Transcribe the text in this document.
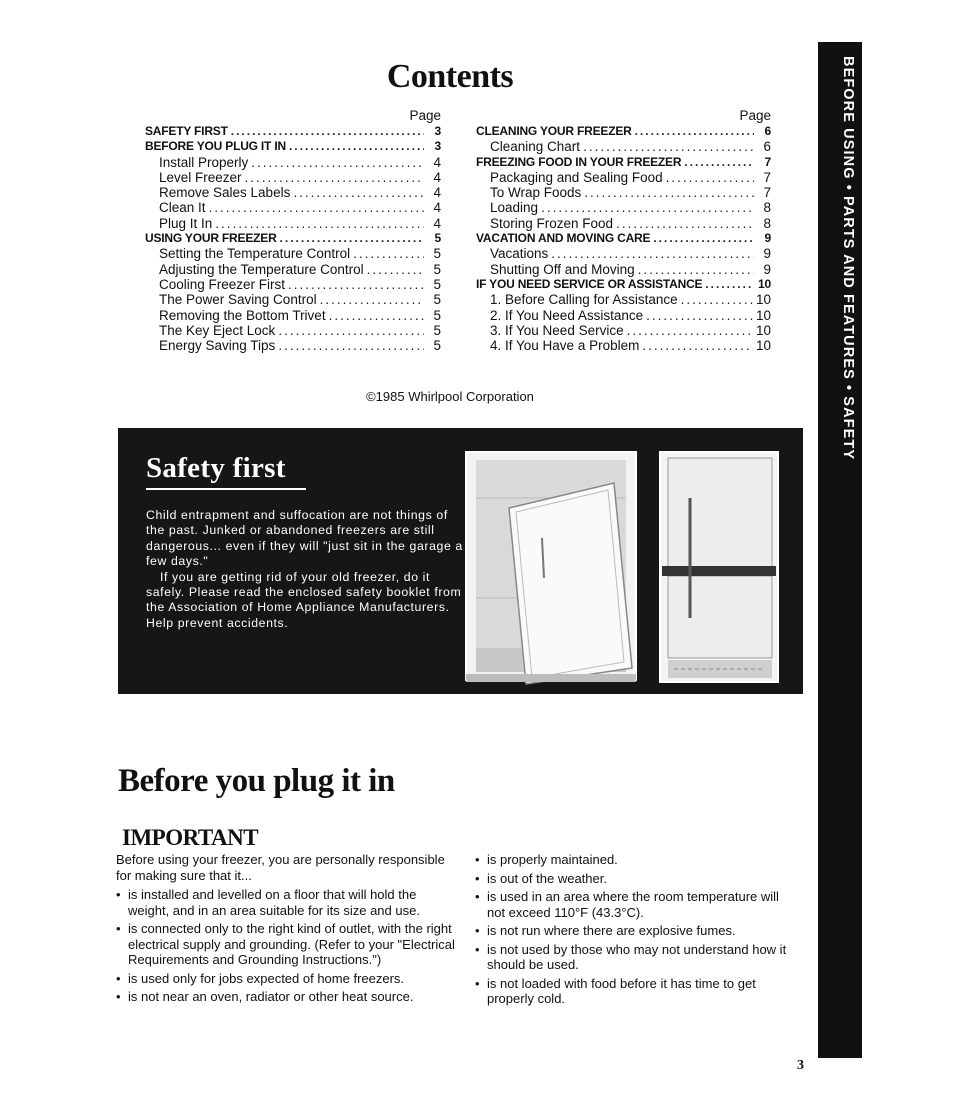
Contents
Page
SAFETY FIRST .....	3
BEFORE YOU PLUG IT IN .....	3
Install Properly .....	4
Level Freezer .....	4
Remove Sales Labels .....	4
Clean It .....	4
Plug It In .....	4
USING YOUR FREEZER .....	5
Setting the Temperature Control .....	5
Adjusting the Temperature Control .....	5
Cooling Freezer First .....	5
The Power Saving Control .....	5
Removing the Bottom Trivet .....	5
The Key Eject Lock .....	5
Energy Saving Tips .....	5
Page
CLEANING YOUR FREEZER .....	6
Cleaning Chart .....	6
FREEZING FOOD IN YOUR FREEZER .....	7
Packaging and Sealing Food .....	7
To Wrap Foods .....	7
Loading .....	8
Storing Frozen Food .....	8
VACATION AND MOVING CARE .....	9
Vacations .....	9
Shutting Off and Moving .....	9
IF YOU NEED SERVICE OR ASSISTANCE .....	10
1. Before Calling for Assistance .....	10
2. If You Need Assistance .....	10
3. If You Need Service .....	10
4. If You Have a Problem .....	10
©1985 Whirlpool Corporation	BEFORE USING • PARTS AND FEATURES • SAFETY
Safety first

Child entrapment and suffocation are not things of the past. Junked or abandoned freezers are still dangerous... even if they will "just sit in the garage a few days."

If you are getting rid of your old freezer, do it safely. Please read the enclosed safety booklet from the Association of Home Appliance Manufacturers. Help prevent accidents.

Before you plug it in
IMPORTANT

Before using your freezer, you are personally responsible for making sure that it...

• is installed and levelled on a floor that will hold the weight, and in an area suitable for its size and use.
• is connected only to the right kind of outlet, with the right electrical supply and grounding. (Refer to your "Electrical Requirements and Grounding Instructions.")
• is used only for jobs expected of home freezers.
• is not near an oven, radiator or other heat source.
• is properly maintained.
• is out of the weather.
• is used in an area where the room temperature will not exceed 110°F (43.3°C).
• is not run where there are explosive fumes.
• is not used by those who may not understand how it should be used.
• is not loaded with food before it has time to get properly cold.
3
